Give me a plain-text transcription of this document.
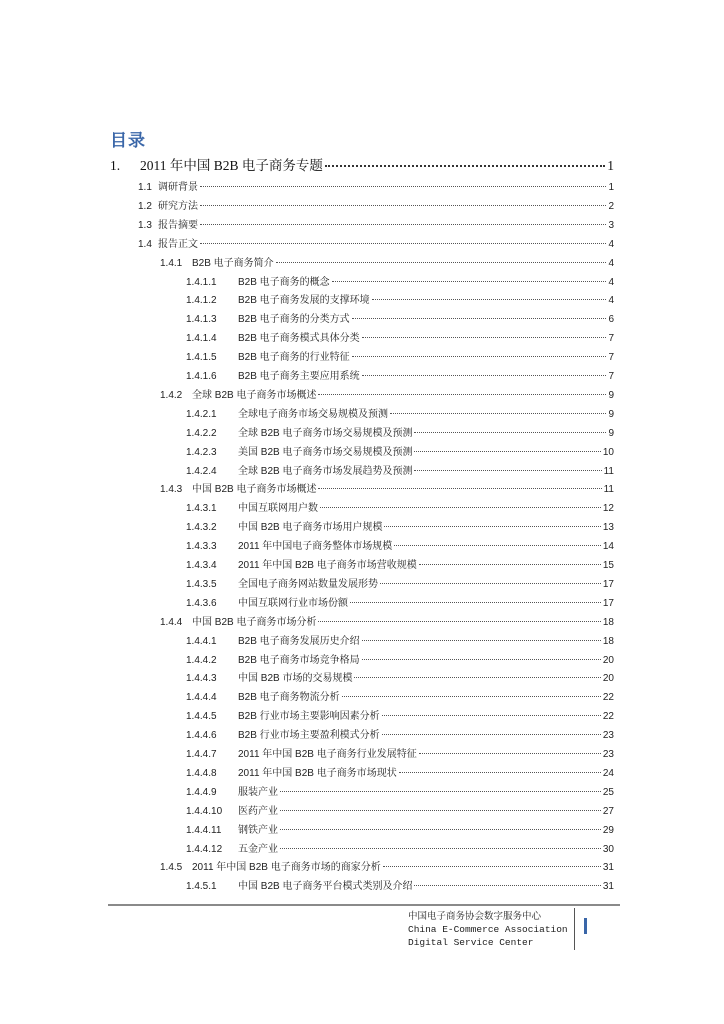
目录
1.	2011 年中国 B2B 电子商务专题	1
1.1 调研背景	1
1.2 研究方法	2
1.3 报告摘要	3
1.4 报告正文	4
1.4.1 B2B 电子商务简介	4
1.4.1.1	B2B 电子商务的概念	4
1.4.1.2	B2B 电子商务发展的支撑环境	4
1.4.1.3	B2B 电子商务的分类方式	6
1.4.1.4	B2B 电子商务模式具体分类	7
1.4.1.5	B2B 电子商务的行业特征	7
1.4.1.6	B2B 电子商务主要应用系统	7
1.4.2 全球 B2B 电子商务市场概述	9
1.4.2.1	全球电子商务市场交易规模及预测	9
1.4.2.2	全球 B2B 电子商务市场交易规模及预测	9
1.4.2.3	美国 B2B 电子商务市场交易规模及预测	10
1.4.2.4	全球 B2B 电子商务市场发展趋势及预测	11
1.4.3 中国 B2B 电子商务市场概述	11
1.4.3.1	中国互联网用户数	12
1.4.3.2	中国 B2B 电子商务市场用户规模	13
1.4.3.3	2011 年中国电子商务整体市场规模	14
1.4.3.4	2011 年中国 B2B 电子商务市场营收规模	15
1.4.3.5	全国电子商务网站数量发展形势	17
1.4.3.6	中国互联网行业市场份额	17
1.4.4 中国 B2B 电子商务市场分析	18
1.4.4.1	B2B 电子商务发展历史介绍	18
1.4.4.2	B2B 电子商务市场竞争格局	20
1.4.4.3	中国 B2B 市场的交易规模	20
1.4.4.4	B2B 电子商务物流分析	22
1.4.4.5	B2B 行业市场主要影响因素分析	22
1.4.4.6	B2B 行业市场主要盈利模式分析	23
1.4.4.7	2011 年中国 B2B 电子商务行业发展特征	23
1.4.4.8	2011 年中国 B2B 电子商务市场现状	24
1.4.4.9	服装产业	25
1.4.4.10	医药产业	27
1.4.4.11	钢铁产业	29
1.4.4.12	五金产业	30
1.4.5 2011 年中国 B2B 电子商务市场的商家分析	31
1.4.5.1	中国 B2B 电子商务平台模式类别及介绍	31
中国电子商务协会数字服务中心
China E-Commerce Association
Digital Service Center
